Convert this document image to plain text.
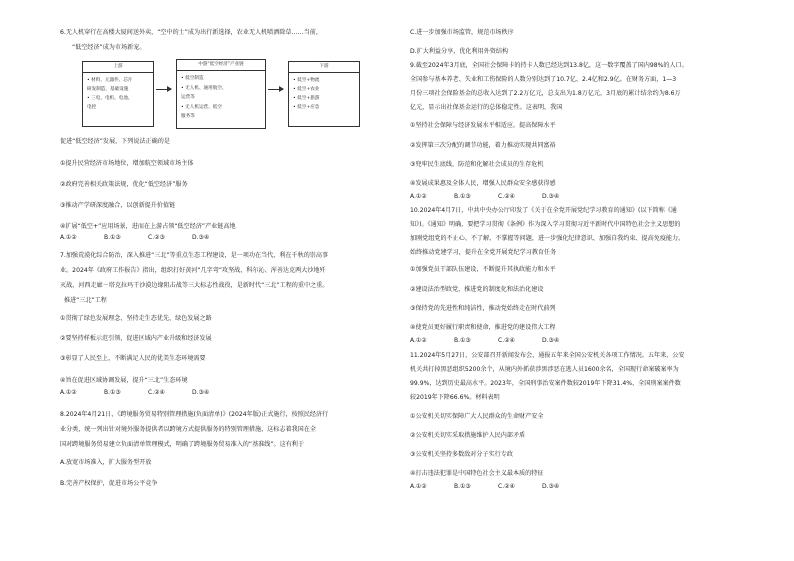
6.无人机穿行在高楼大厦间送外卖，“空中的士”成为出行新选择，农业无人机喷洒除草……当前，
“低空经济”成为市场新宠。
上游
• 材料、元器件、芯片
研发制造、基础设施
• 三电、电机、电池、
电控
中游“低空经济”产业链
• 低空制造
• 无人机、通用航空、
运营等
• 无人机运营、低空
服务等
下游
• 低空+物流
• 低空+农业
• 低空+旅游
• 低空+应急
促进“低空经济”发展，下列说法正确的是
①提升民营经济市场地位，增加航空领域市场主体
②政府完善相关政策法规，优化“低空经济”服务
③推动产学研深度融合，以创新提升价值链
④扩展“低空+”应用场景，进而在上游占领“低空经济”产业链高地
A.①②	B.①③	C.②③	D.③④
7.加强荒漠化综合防治，深入推进“三北”等重点生态工程建设，是一项功在当代、利在千秋的崇高事
业。2024年《政府工作报告》指出，组织打好黄河“几字弯”攻坚战，科尔沁、浑善达克两大沙地歼
灭战，河西走廊－塔克拉玛干沙漠边缘阻击战等三大标志性战役，是新时代“三北”工程的重中之重。
推进“三北”工程
①贯彻了绿色发展理念，坚持走生态优先、绿色发展之路
②要坚持样板示范引领，促进区域内产业升级和经济发展
③彰显了人民至上，不断满足人民的优美生态环境需要
④旨在促进区域协调发展，提升“三北”生态环境
A.①②	B.①③	C.②④	D.③④
8.2024年4月21日，《跨境服务贸易特别管理措施(负面清单)》(2024年版)正式施行，按照民经济行
业分类，统一列出针对境外服务提供者以跨境方式提供服务的特别管理措施，这标志着我国在全
国对跨境服务贸易建立负面清单管理模式，明确了跨境服务贸易准入的“基准线”。这有利于
A.放宽市场准入，扩大服务型开放
B.完善产权保护，促进市场公平竞争
C.进一步加强市场监管，规范市场秩序
D.扩大利益分享，优化利用外资结构
9.截至2024年3月底，全国社会保障卡的持卡人数已经达到13.8亿，这一数字覆盖了国内98%的人口。
全国参与基本养老、失业和工伤保险的人数分别达到了10.7亿、2.4亿和2.9亿。在财务方面，1—3
月份三项社会保险基金的总收入达到了2.2万亿元，总支出为1.8万亿元，3月底的累计结余约为8.6万
亿元，显示出社保基金运行的总体稳定性。这表明，我国
①坚持社会保障与经济发展水平相适应，提高保障水平
②发挥第三次分配的调节功能，着力推动实现共同富裕
③兜牢民生底线，防范和化解社会成员的生存危机
④发展成果惠及全体人民，增强人民群众安全感获得感
A.①②	B.①③	C.②④	D.③④
10.2024年4月7日，中共中央办公厅印发了《关于在全党开展党纪学习教育的通知》(以下简称《通
知》)。《通知》明确，要把学习贯彻《条例》作为深入学习贯彻习近平新时代中国特色社会主义思想的
加刚党组党的不止心、不了解、不掌握等问题，进一步强化纪律意识、加强自我约束、提高免疫能力，
始终推动党建学习，提升在全党开展党纪学习教育任务
①加强党员干部队伍建设，不断提升其执政能力和水平
②建设法治型政党，推进党的制度化和法治化建设
③保持党的先进性和纯洁性，推动党始终走在时代前列
④使党员更好履行职责和使命，推进党的建设伟大工程
A.①②	B.①③	C.②④	D.③④
11.2024年5月27日，公安部召开新闻发布会，通报五年来全国公安机关各项工作情况。五年来，公安
机关共打掉黑恶组织5200余个，从境内外抓获涉黑涉恶在逃人员1600余名，全国现行命案破案率为
99.9%，达到历史最高水平。2023年，全国刑事治安案件数较2019年下降31.4%，全国刑案案件数
较2019年下降66.6%。材料表明
①公安机关切实保障广大人民群众的生命财产安全
②公安机关切实采取措施维护人民内部矛盾
③公安机关坚持多数敌对分子实行专政
④打击违法犯罪是中国特色社会主义最本质的特征
A.①②	B.①③	C.②④	D.③④
